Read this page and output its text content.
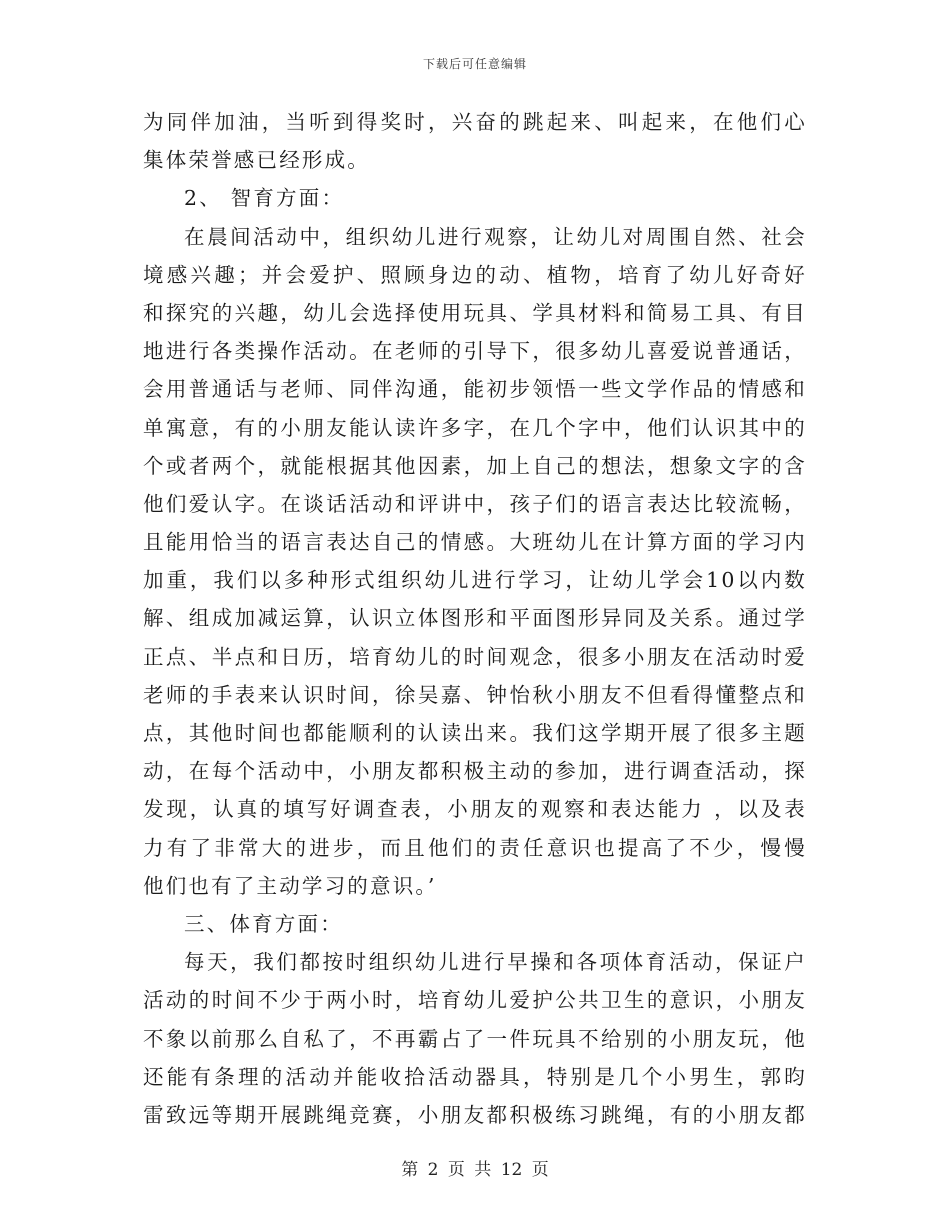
下载后可任意编辑
为同伴加油，当听到得奖时，兴奋的跳起来、叫起来，在他们心
集体荣誉感已经形成。
2、 智育方面：
在晨间活动中，组织幼儿进行观察，让幼儿对周围自然、社会
境感兴趣；并会爱护、照顾身边的动、植物，培育了幼儿好奇好
和探究的兴趣，幼儿会选择使用玩具、学具材料和简易工具、有目
地进行各类操作活动。在老师的引导下，很多幼儿喜爱说普通话，
会用普通话与老师、同伴沟通，能初步领悟一些文学作品的情感和
单寓意，有的小朋友能认读许多字，在几个字中，他们认识其中的
个或者两个，就能根据其他因素，加上自己的想法，想象文字的含
他们爱认字。在谈话活动和评讲中，孩子们的语言表达比较流畅，
且能用恰当的语言表达自己的情感。大班幼儿在计算方面的学习内
加重，我们以多种形式组织幼儿进行学习，让幼儿学会10以内数
解、组成加减运算，认识立体图形和平面图形异同及关系。通过学
正点、半点和日历，培育幼儿的时间观念，很多小朋友在活动时爱
老师的手表来认识时间，徐吴嘉、钟怡秋小朋友不但看得懂整点和
点，其他时间也都能顺利的认读出来。我们这学期开展了很多主题
动，在每个活动中，小朋友都积极主动的参加，进行调查活动，探
发现，认真的填写好调查表，小朋友的观察和表达能力 ，以及表
力有了非常大的进步，而且他们的责任意识也提高了不少，慢慢
他们也有了主动学习的意识。’
三、体育方面：
每天，我们都按时组织幼儿进行早操和各项体育活动，保证户
活动的时间不少于两小时，培育幼儿爱护公共卫生的意识，小朋友
不象以前那么自私了，不再霸占了一件玩具不给别的小朋友玩，他
还能有条理的活动并能收拾活动器具，特别是几个小男生，郭昀
雷致远等期开展跳绳竞赛，小朋友都积极练习跳绳，有的小朋友都
第 2 页 共 12 页
